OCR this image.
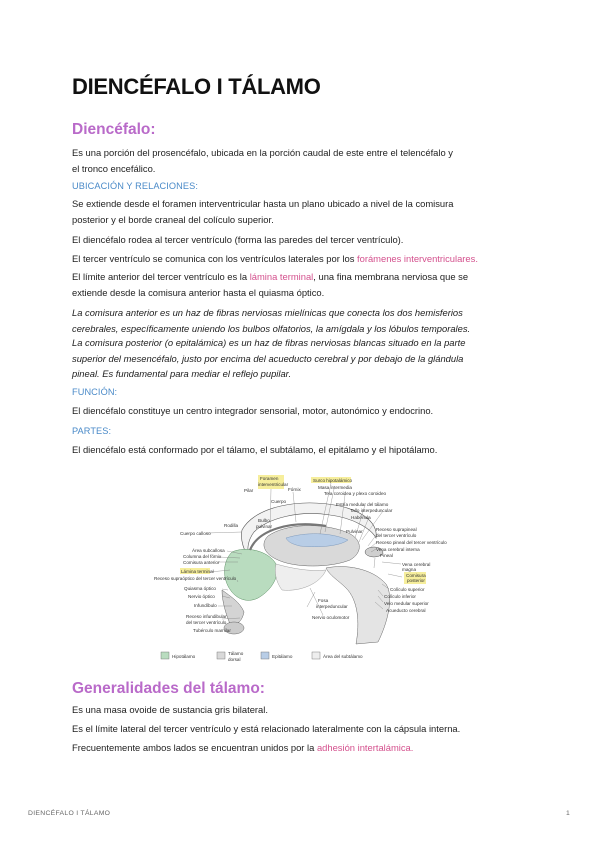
DIENCÉFALO I TÁLAMO
Diencéfalo:

Es una porción del prosencéfalo, ubicada en la porción caudal de este entre el telencéfalo y
el tronco encefálico.

UBICACIÓN Y RELACIONES:

Se extiende desde el foramen interventricular hasta un plano ubicado a nivel de la comisura
posterior y el borde craneal del colículo superior.

El diencéfalo rodea al tercer ventrículo (forma las paredes del tercer ventrículo).

El tercer ventrículo se comunica con los ventrículos laterales por los forámenes interventriculares.

El límite anterior del tercer ventrículo es la lámina terminal, una fina membrana nerviosa que se
extiende desde la comisura anterior hasta el quiasma óptico.

La comisura anterior es un haz de fibras nerviosas mielínicas que conecta los dos hemisferios
cerebrales, específicamente uniendo los bulbos olfatorios, la amígdala y los lóbulos temporales.

La comisura posterior (o epitalámica) es un haz de fibras nerviosas blancas situado en la parte
superior del mesencéfalo, justo por encima del acueducto cerebral y por debajo de la glándula
pineal. Es fundamental para mediar el reflejo pupilar.

FUNCIÓN:

El diencéfalo constituye un centro integrador sensorial, motor, autonómico y endocrino.

PARTES:

El diencéfalo está conformado por el tálamo, el subtálamo, el epitálamo y el hipotálamo.

Foramen
interventricular
Fórnix
Surco hipotalámico
Masa intermedia
Tela coroidea y plexo coroideo
Estría medular del tálamo
Tallo interpeduncular
Habénula
Pilar
Cuerpo
Cuerpo calloso
Rodilla
Bulbo
pulvinar
Pulvinar
Área subcallosa
Columna del fórnix
Comisura anterior
Lámina terminal
Receso supraóptico del tercer ventrículo
Quiasma óptico
Nervio óptico
Infundíbulo
Receso infundibular
del tercer ventrículo
Tubérculo mamilar
Fosa
interpeduncular
Nervio oculomotor
Receso suprapineal
del tercer ventrículo
Receso pineal del tercer ventrículo
Vena cerebral interna
Pineal
Vena cerebral
magna
Comisura
posterior
Colículo superior
Colículo inferior
Velo medular superior
Acueducto cerebral
Hipotálamo
Tálamo
dorsal
Epitálamo	Área del subtálamo
Generalidades del tálamo:

Es una masa ovoide de sustancia gris bilateral.

Es el límite lateral del tercer ventrículo y está relacionado lateralmente con la cápsula interna.

Frecuentemente ambos lados se encuentran unidos por la adhesión intertalámica.

DIENCÉFALO I TÁLAMO	1
